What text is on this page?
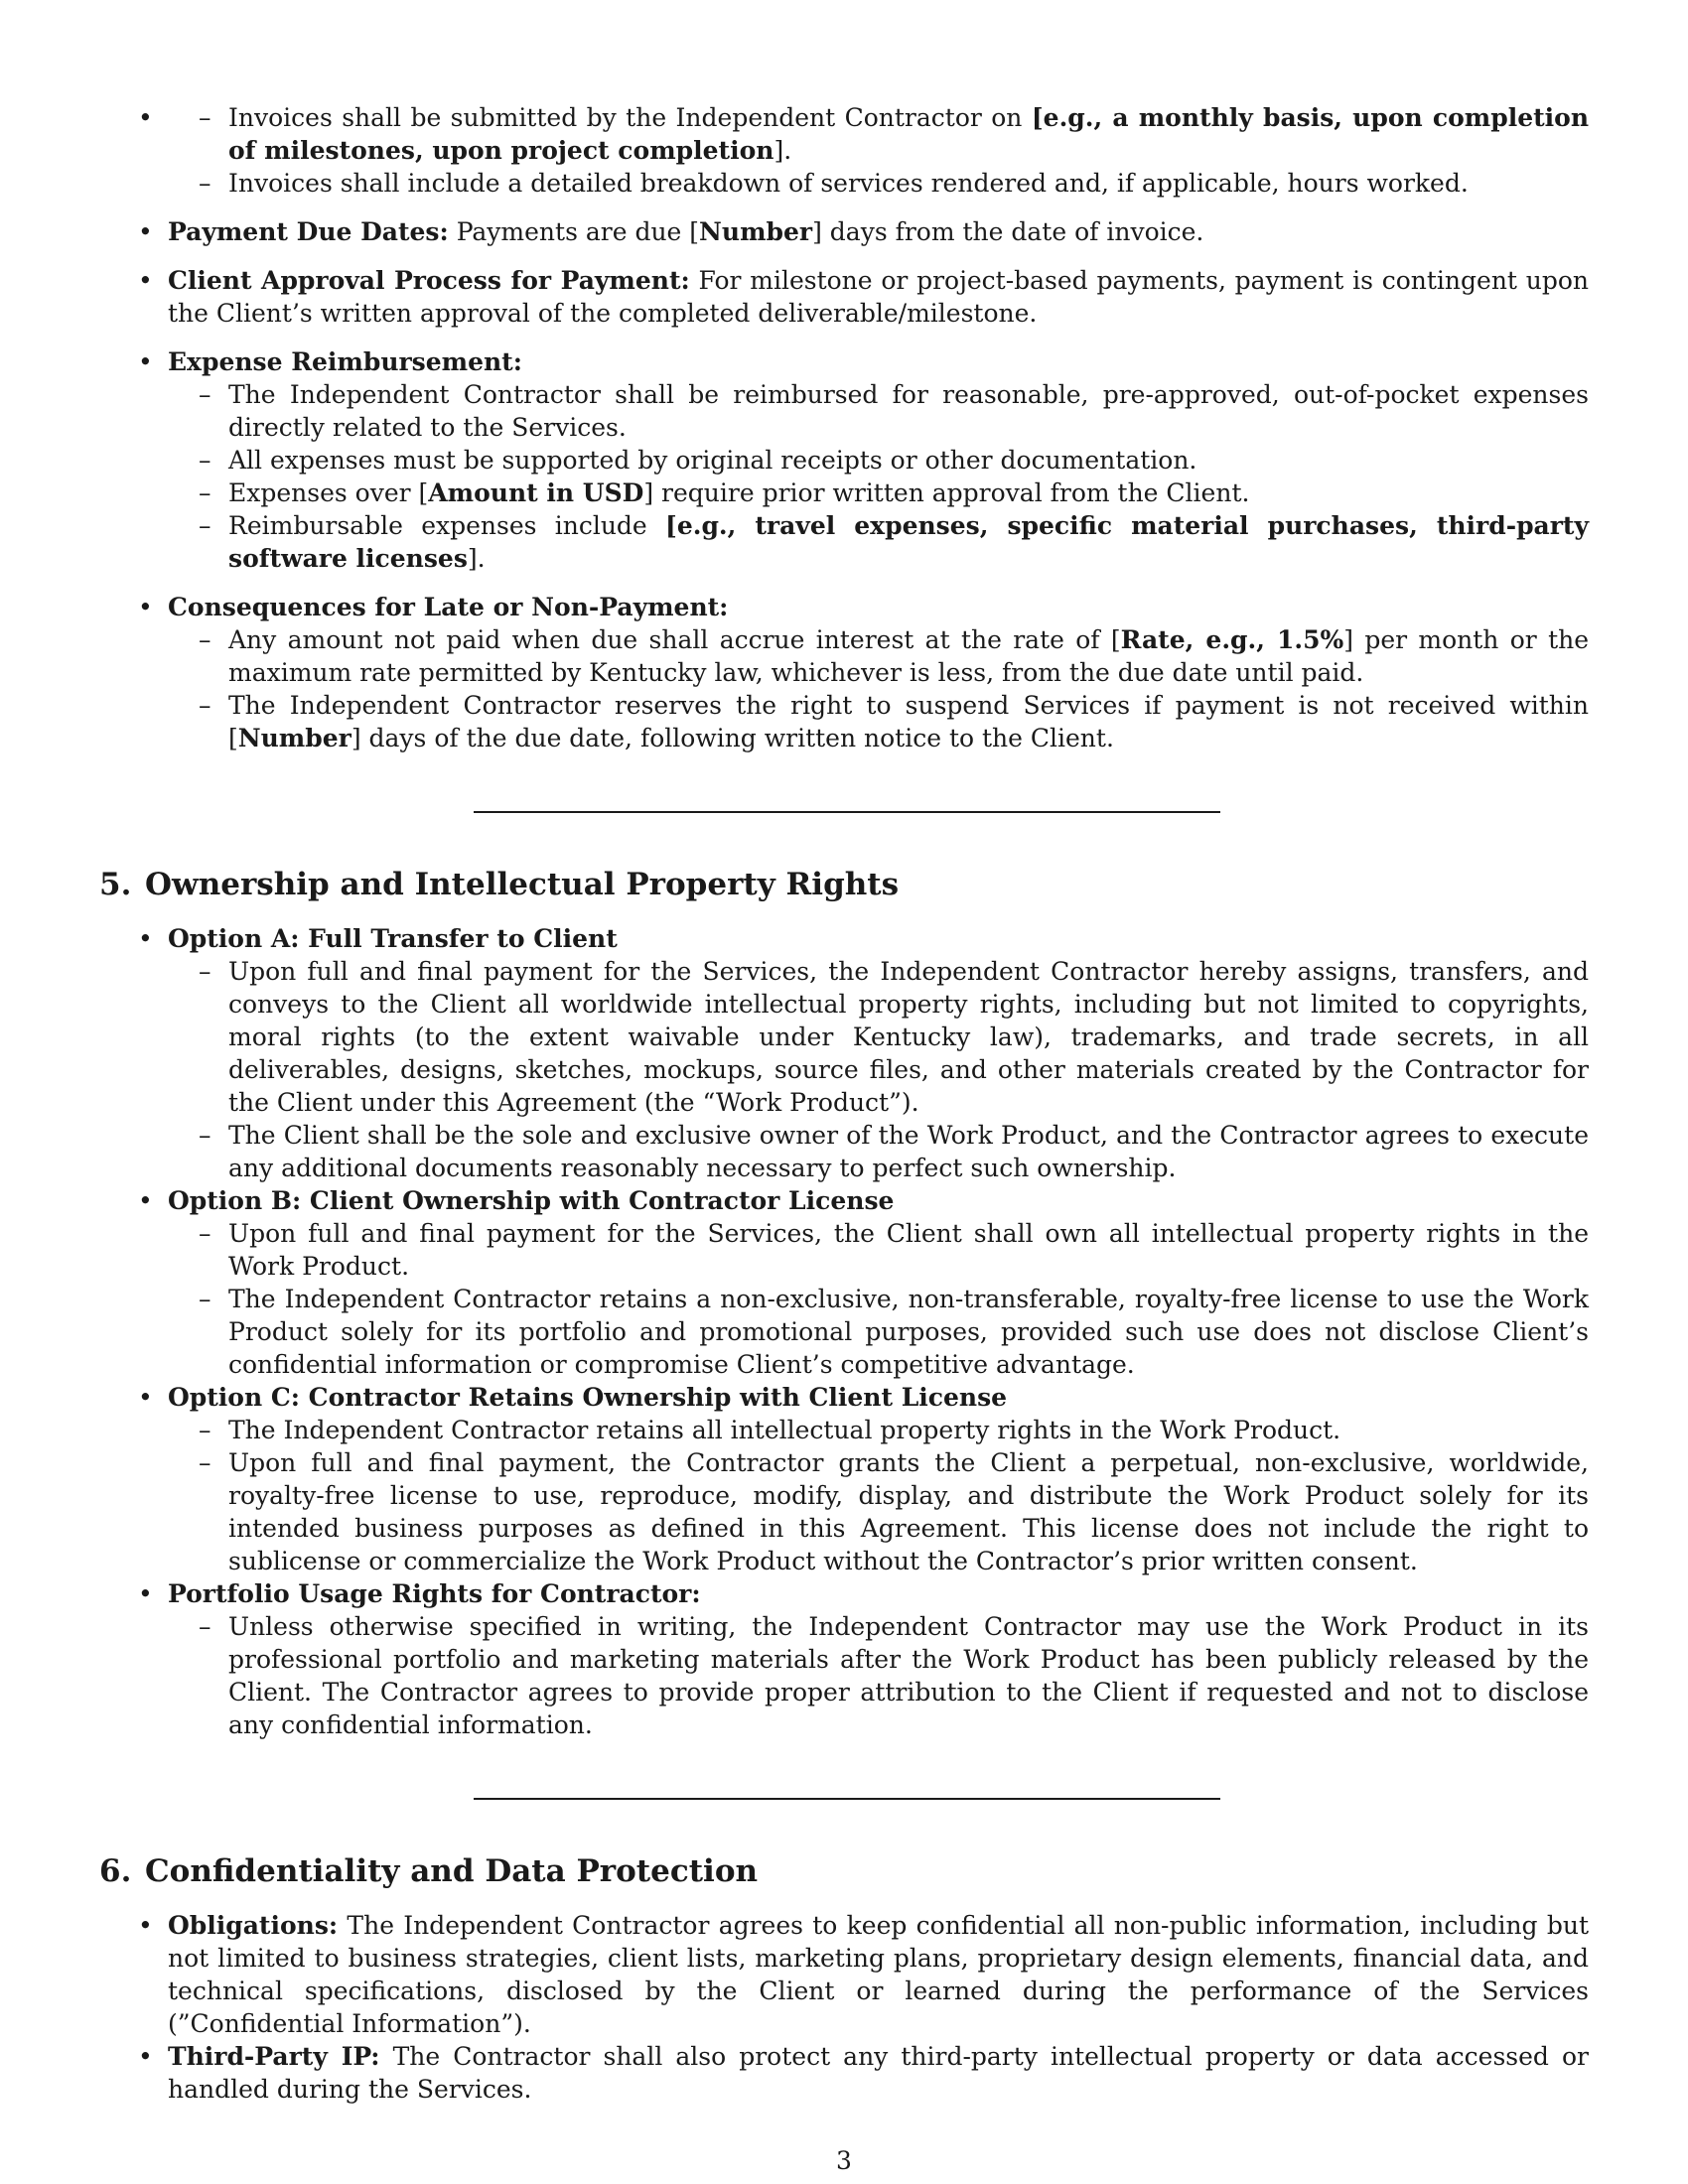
– • Invoices shall be submitted by the Independent Contractor on [e.g., a monthly basis, upon completion of milestones, upon project completion].
– Invoices shall include a detailed breakdown of services rendered and, if applicable, hours worked.
• Payment Due Dates: Payments are due [Number] days from the date of invoice.
• Client Approval Process for Payment: For milestone or project-based payments, payment is contingent upon the Client’s written approval of the completed deliverable/milestone.
• Expense Reimbursement:
– The Independent Contractor shall be reimbursed for reasonable, pre-approved, out-of-pocket expenses directly related to the Services.
– All expenses must be supported by original receipts or other documentation.
– Expenses over [Amount in USD] require prior written approval from the Client.
– Reimbursable expenses include [e.g., travel expenses, specific material purchases, third-party software licenses].
• Consequences for Late or Non-Payment:
– Any amount not paid when due shall accrue interest at the rate of [Rate, e.g., 1.5%] per month or the maximum rate permitted by Kentucky law, whichever is less, from the due date until paid.
– The Independent Contractor reserves the right to suspend Services if payment is not received within [Number] days of the due date, following written notice to the Client.
5. Ownership and Intellectual Property Rights
• Option A: Full Transfer to Client
– Upon full and final payment for the Services, the Independent Contractor hereby assigns, transfers, and conveys to the Client all worldwide intellectual property rights, including but not limited to copyrights, moral rights (to the extent waivable under Kentucky law), trademarks, and trade secrets, in all deliverables, designs, sketches, mockups, source files, and other materials created by the Contractor for the Client under this Agreement (the “Work Product”).
– The Client shall be the sole and exclusive owner of the Work Product, and the Contractor agrees to execute any additional documents reasonably necessary to perfect such ownership.
• Option B: Client Ownership with Contractor License
– Upon full and final payment for the Services, the Client shall own all intellectual property rights in the Work Product.
– The Independent Contractor retains a non-exclusive, non-transferable, royalty-free license to use the Work Product solely for its portfolio and promotional purposes, provided such use does not disclose Client’s confidential information or compromise Client’s competitive advantage.
• Option C: Contractor Retains Ownership with Client License
– The Independent Contractor retains all intellectual property rights in the Work Product.
– Upon full and final payment, the Contractor grants the Client a perpetual, non-exclusive, worldwide, royalty-free license to use, reproduce, modify, display, and distribute the Work Product solely for its intended business purposes as defined in this Agreement. This license does not include the right to sublicense or commercialize the Work Product without the Contractor’s prior written consent.
• Portfolio Usage Rights for Contractor:
– Unless otherwise specified in writing, the Independent Contractor may use the Work Product in its professional portfolio and marketing materials after the Work Product has been publicly released by the Client. The Contractor agrees to provide proper attribution to the Client if requested and not to disclose any confidential information.
6. Confidentiality and Data Protection
• Obligations: The Independent Contractor agrees to keep confidential all non-public information, including but not limited to business strategies, client lists, marketing plans, proprietary design elements, financial data, and technical specifications, disclosed by the Client or learned during the performance of the Services (”Confidential Information”).
• Third-Party IP: The Contractor shall also protect any third-party intellectual property or data accessed or handled during the Services.
3
